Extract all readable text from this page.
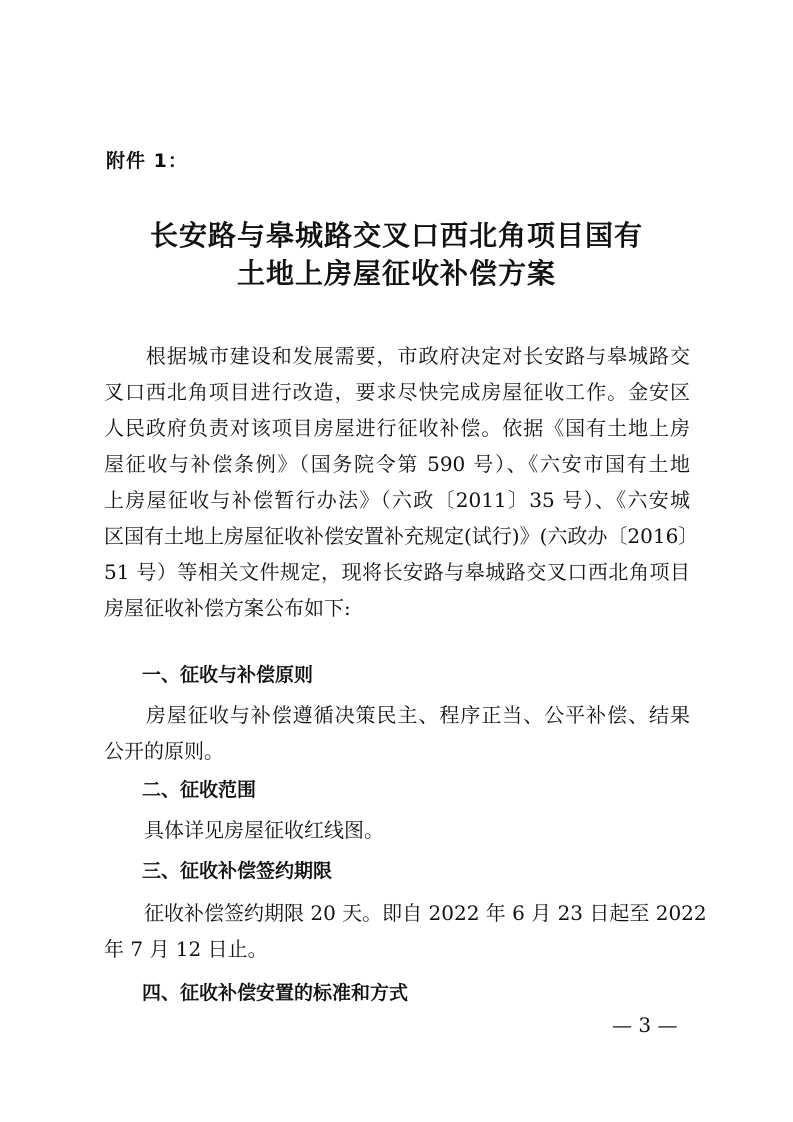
附件 1：
长安路与皋城路交叉口西北角项目国有
土地上房屋征收补偿方案
　　根据城市建设和发展需要，市政府决定对长安路与皋城路交
叉口西北角项目进行改造，要求尽快完成房屋征收工作。金安区
人民政府负责对该项目房屋进行征收补偿。依据《国有土地上房
屋征收与补偿条例》（国务院令第 590 号）、《六安市国有土地
上房屋征收与补偿暂行办法》（六政〔2011〕35 号）、《六安城
区国有土地上房屋征收补偿安置补充规定(试行)》(六政办〔2016〕
51 号）等相关文件规定，现将长安路与皋城路交叉口西北角项目
房屋征收补偿方案公布如下:
一、征收与补偿原则
　　房屋征收与补偿遵循决策民主、程序正当、公平补偿、结果
公开的原则。
二、征收范围
　　具体详见房屋征收红线图。
三、征收补偿签约期限
　　征收补偿签约期限 20 天。即自 2022 年 6 月 23 日起至 2022
年 7 月 12 日止。
四、征收补偿安置的标准和方式
— 3 —
